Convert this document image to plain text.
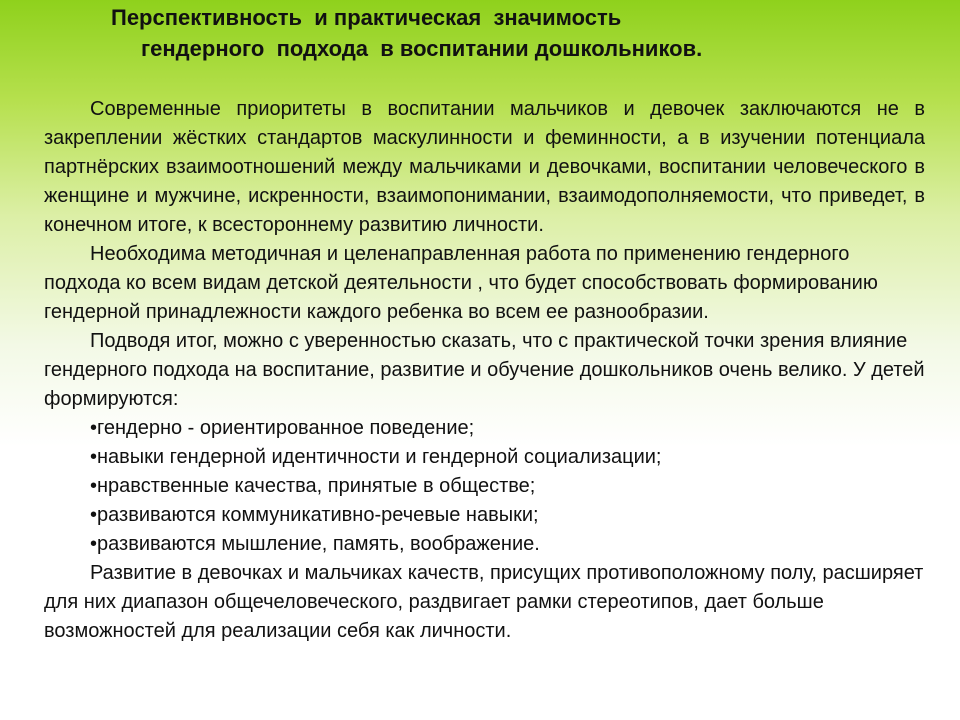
Перспективность  и практическая  значимость
гендерного  подхода  в воспитании дошкольников.

Современные приоритеты в воспитании мальчиков и девочек заключаются не в закреплении жёстких стандартов маскулинности и феминности, а в изучении потенциала партнёрских взаимоотношений между мальчиками и девочками, воспитании человеческого в женщине и мужчине, искренности, взаимопонимании, взаимодополняемости, что приведет, в конечном итоге, к всестороннему развитию личности.

Необходима методичная и целенаправленная работа по применению гендерного подхода ко всем видам детской деятельности , что будет способствовать формированию гендерной принадлежности каждого ребенка во всем ее разнообразии.

Подводя итог, можно с уверенностью сказать, что с практической точки зрения влияние гендерного подхода на воспитание, развитие и обучение дошкольников очень велико. У детей формируются:

•гендерно - ориентированное поведение;
•навыки гендерной идентичности и гендерной социализации;
•нравственные качества, принятые в обществе;
•развиваются коммуникативно-речевые навыки;
•развиваются мышление, память, воображение.

Развитие в девочках и мальчиках качеств, присущих противоположному полу, расширяет для них диапазон общечеловеческого, раздвигает рамки стереотипов, дает больше возможностей для реализации себя как личности.
